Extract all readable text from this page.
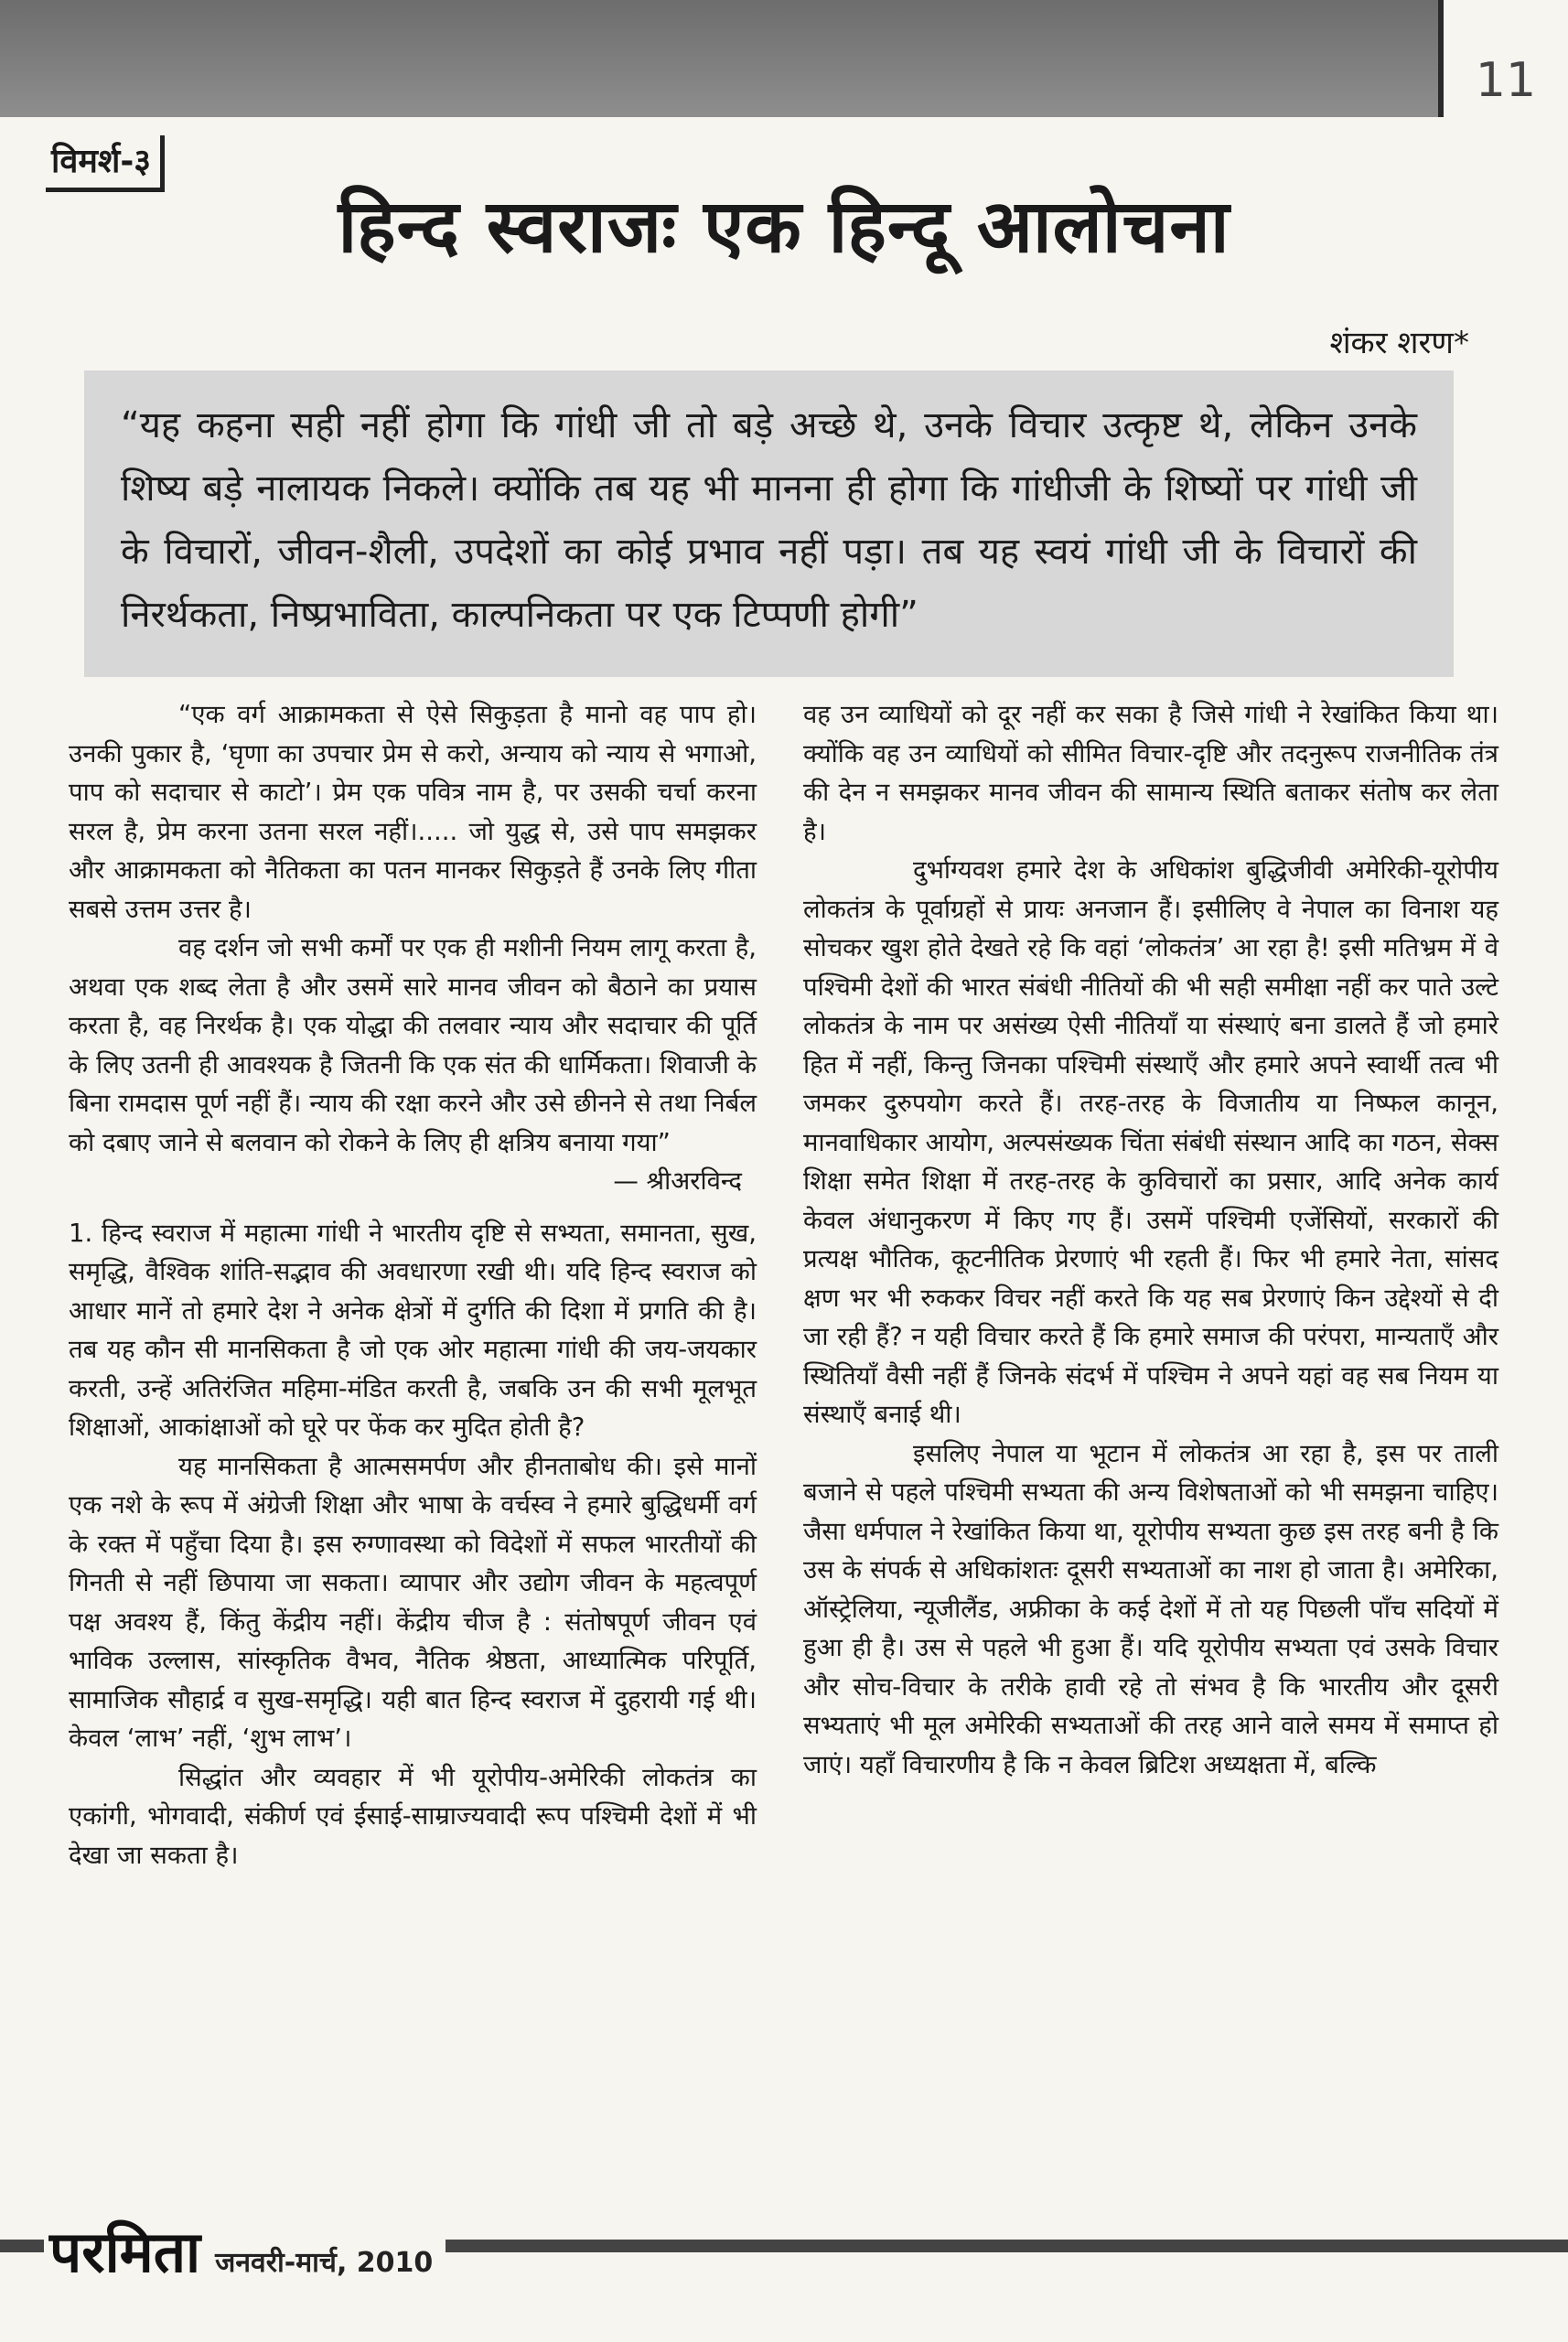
11
विमर्श-३
हिन्द स्वराजः एक हिन्दू आलोचना
शंकर शरण*
“यह कहना सही नहीं होगा कि गांधी जी तो बड़े अच्छे थे, उनके विचार उत्कृष्ट थे, लेकिन उनके शिष्य बड़े नालायक निकले। क्योंकि तब यह भी मानना ही होगा कि गांधीजी के शिष्यों पर गांधी जी के विचारों, जीवन-शैली, उपदेशों का कोई प्रभाव नहीं पड़ा। तब यह स्वयं गांधी जी के विचारों की निरर्थकता, निष्प्रभाविता, काल्पनिकता पर एक टिप्पणी होगी”

“एक वर्ग आक्रामकता से ऐसे सिकुड़ता है मानो वह पाप हो। उनकी पुकार है, ‘घृणा का उपचार प्रेम से करो, अन्याय को न्याय से भगाओ, पाप को सदाचार से काटो’। प्रेम एक पवित्र नाम है, पर उसकी चर्चा करना सरल है, प्रेम करना उतना सरल नहीं।..... जो युद्ध से, उसे पाप समझकर और आक्रामकता को नैतिकता का पतन मानकर सिकुड़ते हैं उनके लिए गीता सबसे उत्तम उत्तर है।

वह दर्शन जो सभी कर्मों पर एक ही मशीनी नियम लागू करता है, अथवा एक शब्द लेता है और उसमें सारे मानव जीवन को बैठाने का प्रयास करता है, वह निरर्थक है। एक योद्धा की तलवार न्याय और सदाचार की पूर्ति के लिए उतनी ही आवश्यक है जितनी कि एक संत की धार्मिकता। शिवाजी के बिना रामदास पूर्ण नहीं हैं। न्याय की रक्षा करने और उसे छीनने से तथा निर्बल को दबाए जाने से बलवान को रोकने के लिए ही क्षत्रिय बनाया गया”

— श्रीअरविन्द

1. हिन्द स्वराज में महात्मा गांधी ने भारतीय दृष्टि से सभ्यता, समानता, सुख, समृद्धि, वैश्विक शांति-सद्भाव की अवधारणा रखी थी। यदि हिन्द स्वराज को आधार मानें तो हमारे देश ने अनेक क्षेत्रों में दुर्गति की दिशा में प्रगति की है। तब यह कौन सी मानसिकता है जो एक ओर महात्मा गांधी की जय-जयकार करती, उन्हें अतिरंजित महिमा-मंडित करती है, जबकि उन की सभी मूलभूत शिक्षाओं, आकांक्षाओं को घूरे पर फेंक कर मुदित होती है?

यह मानसिकता है आत्मसमर्पण और हीनताबोध की। इसे मानों एक नशे के रूप में अंग्रेजी शिक्षा और भाषा के वर्चस्व ने हमारे बुद्धिधर्मी वर्ग के रक्त में पहुँचा दिया है। इस रुग्णावस्था को विदेशों में सफल भारतीयों की गिनती से नहीं छिपाया जा सकता। व्यापार और उद्योग जीवन के महत्वपूर्ण पक्ष अवश्य हैं, किंतु केंद्रीय नहीं। केंद्रीय चीज है : संतोषपूर्ण जीवन एवं भाविक उल्लास, सांस्कृतिक वैभव, नैतिक श्रेष्ठता, आध्यात्मिक परिपूर्ति, सामाजिक सौहार्द्र व सुख-समृद्धि। यही बात हिन्द स्वराज में दुहरायी गई थी। केवल ‘लाभ’ नहीं, ‘शुभ लाभ’।

सिद्धांत और व्यवहार में भी यूरोपीय-अमेरिकी लोकतंत्र का एकांगी, भोगवादी, संकीर्ण एवं ईसाई-साम्राज्यवादी रूप पश्चिमी देशों में भी देखा जा सकता है।

वह उन व्याधियों को दूर नहीं कर सका है जिसे गांधी ने रेखांकित किया था। क्योंकि वह उन व्याधियों को सीमित विचार-दृष्टि और तदनुरूप राजनीतिक तंत्र की देन न समझकर मानव जीवन की सामान्य स्थिति बताकर संतोष कर लेता है।

दुर्भाग्यवश हमारे देश के अधिकांश बुद्धिजीवी अमेरिकी-यूरोपीय लोकतंत्र के पूर्वाग्रहों से प्रायः अनजान हैं। इसीलिए वे नेपाल का विनाश यह सोचकर खुश होते देखते रहे कि वहां ‘लोकतंत्र’ आ रहा है! इसी मतिभ्रम में वे पश्चिमी देशों की भारत संबंधी नीतियों की भी सही समीक्षा नहीं कर पाते उल्टे लोकतंत्र के नाम पर असंख्य ऐसी नीतियाँ या संस्थाएं बना डालते हैं जो हमारे हित में नहीं, किन्तु जिनका पश्चिमी संस्थाएँ और हमारे अपने स्वार्थी तत्व भी जमकर दुरुपयोग करते हैं। तरह-तरह के विजातीय या निष्फल कानून, मानवाधिकार आयोग, अल्पसंख्यक चिंता संबंधी संस्थान आदि का गठन, सेक्स शिक्षा समेत शिक्षा में तरह-तरह के कुविचारों का प्रसार, आदि अनेक कार्य केवल अंधानुकरण में किए गए हैं। उसमें पश्चिमी एजेंसियों, सरकारों की प्रत्यक्ष भौतिक, कूटनीतिक प्रेरणाएं भी रहती हैं। फिर भी हमारे नेता, सांसद क्षण भर भी रुककर विचर नहीं करते कि यह सब प्रेरणाएं किन उद्देश्यों से दी जा रही हैं? न यही विचार करते हैं कि हमारे समाज की परंपरा, मान्यताएँ और स्थितियाँ वैसी नहीं हैं जिनके संदर्भ में पश्चिम ने अपने यहां वह सब नियम या संस्थाएँ बनाई थी।

इसलिए नेपाल या भूटान में लोकतंत्र आ रहा है, इस पर ताली बजाने से पहले पश्चिमी सभ्यता की अन्य विशेषताओं को भी समझना चाहिए। जैसा धर्मपाल ने रेखांकित किया था, यूरोपीय सभ्यता कुछ इस तरह बनी है कि उस के संपर्क से अधिकांशतः दूसरी सभ्यताओं का नाश हो जाता है। अमेरिका, ऑस्ट्रेलिया, न्यूजीलैंड, अफ्रीका के कई देशों में तो यह पिछली पाँच सदियों में हुआ ही है। उस से पहले भी हुआ हैं। यदि यूरोपीय सभ्यता एवं उसके विचार और सोच-विचार के तरीके हावी रहे तो संभव है कि भारतीय और दूसरी सभ्यताएं भी मूल अमेरिकी सभ्यताओं की तरह आने वाले समय में समाप्त हो जाएं। यहाँ विचारणीय है कि न केवल ब्रिटिश अध्यक्षता में, बल्कि

परमिता जनवरी-मार्च, 2010
